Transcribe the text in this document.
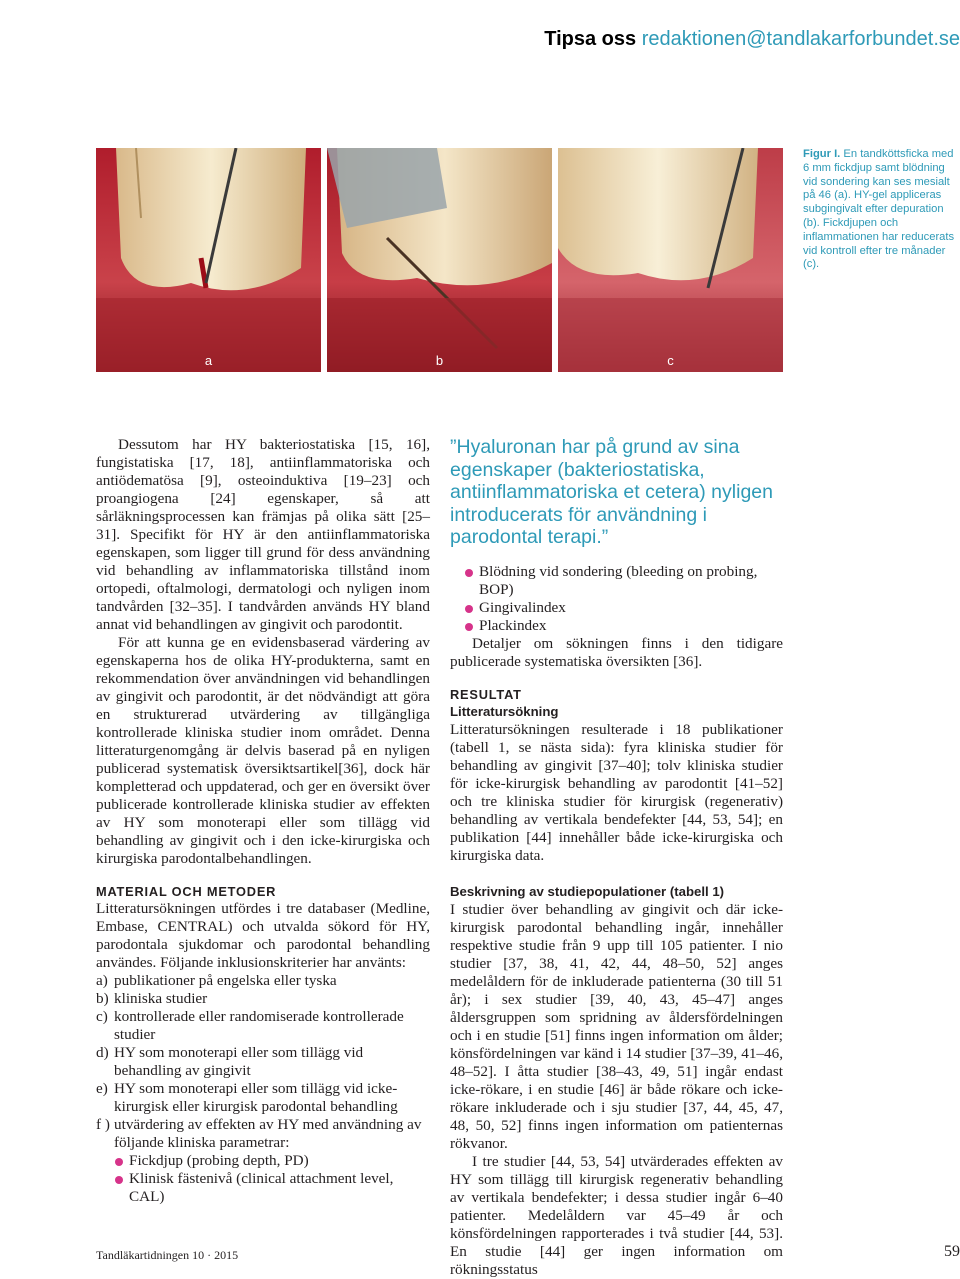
Tipsa oss redaktionen@tandlakarforbundet.se
a	b	c
Figur I. En tandköttsficka med 6 mm fickdjup samt blödning vid sondering kan ses mesialt på 46 (a). HY-gel appliceras subgingivalt efter depuration (b). Fickdjupen och inflammationen har reducerats vid kontroll efter tre månader (c).

Dessutom har HY bakteriostatiska [15, 16], fungistatiska [17, 18], antiinflammatoriska och antiödematösa [9], osteoinduktiva [19–23] och proangiogena [24] egenskaper, så att sårläkningsprocessen kan främjas på olika sätt [25–31]. Specifikt för HY är den antiinflammatoriska egenskapen, som ligger till grund för dess användning vid behandling av inflammatoriska tillstånd inom ortopedi, oftalmologi, dermatologi och nyligen inom tandvården [32–35]. I tandvården används HY bland annat vid behandlingen av gingivit och parodontit.

För att kunna ge en evidensbaserad värdering av egenskaperna hos de olika HY-produkterna, samt en rekommendation över användningen vid behandlingen av gingivit och parodontit, är det nödvändigt att göra en strukturerad utvärdering av tillgängliga kontrollerade kliniska studier inom området. Denna litteraturgenomgång är delvis baserad på en nyligen publicerad systematisk översiktsartikel[36], dock här kompletterad och uppdaterad, och ger en översikt över publicerade kontrollerade kliniska studier av effekten av HY som monoterapi eller som tillägg vid behandling av gingivit och i den icke-kirurgiska och kirurgiska parodontalbehandlingen.

MATERIAL OCH METODER

Litteratursökningen utfördes i tre databaser (Medline, Embase, CENTRAL) och utvalda sökord för HY, parodontala sjukdomar och parodontal behandling användes. Följande inklusionskriterier har använts:

a) publikationer på engelska eller tyska
b) kliniska studier
c) kontrollerade eller randomiserade kontrollerade studier
d) HY som monoterapi eller som tillägg vid behandling av gingivit
e) HY som monoterapi eller som tillägg vid icke-kirurgisk eller kirurgisk parodontal behandling
f ) utvärdering av effekten av HY med användning av följande kliniska parametrar:
Fickdjup (probing depth, PD)
Klinisk fästenivå (clinical attachment level, CAL)
”Hyaluronan har på grund av sina egenskaper (bakteriostatiska, antiinflammatoriska et cetera) nyligen introducerats för användning i parodontal terapi.”
Blödning vid sondering (bleeding on probing, BOP)
Gingivalindex
Plackindex

Detaljer om sökningen finns i den tidigare publicerade systematiska översikten [36].

RESULTAT
Litteratursökning

Litteratursökningen resulterade i 18 publikationer (tabell 1, se nästa sida): fyra kliniska studier för behandling av gingivit [37–40]; tolv kliniska studier för icke-kirurgisk behandling av parodontit [41–52] och tre kliniska studier för kirurgisk (regenerativ) behandling av vertikala bendefekter [44, 53, 54]; en publikation [44] innehåller både icke-kirurgiska och kirurgiska data.

Beskrivning av studiepopulationer (tabell 1)

I studier över behandling av gingivit och där icke-kirurgisk parodontal behandling ingår, innehåller respektive studie från 9 upp till 105 patienter. I nio studier [37, 38, 41, 42, 44, 48–50, 52] anges medelåldern för de inkluderade patienterna (30 till 51 år); i sex studier [39, 40, 43, 45–47] anges åldersgruppen som spridning av åldersfördelningen och i en studie [51] finns ingen information om ålder; könsfördelningen var känd i 14 studier [37–39, 41–46, 48–52]. I åtta studier [38–43, 49, 51] ingår endast icke-rökare, i en studie [46] är både rökare och icke-rökare inkluderade och i sju studier [37, 44, 45, 47, 48, 50, 52] finns ingen information om patienternas rökvanor.

I tre studier [44, 53, 54] utvärderades effekten av HY som tillägg till kirurgisk regenerativ behandling av vertikala bendefekter; i dessa studier ingår 6–40 patienter. Medelåldern var 45–49 år och könsfördelningen rapporterades i två studier [44, 53]. En studie [44] ger ingen information om rökningsstatus

Tandläkartidningen 10 · 2015	59
